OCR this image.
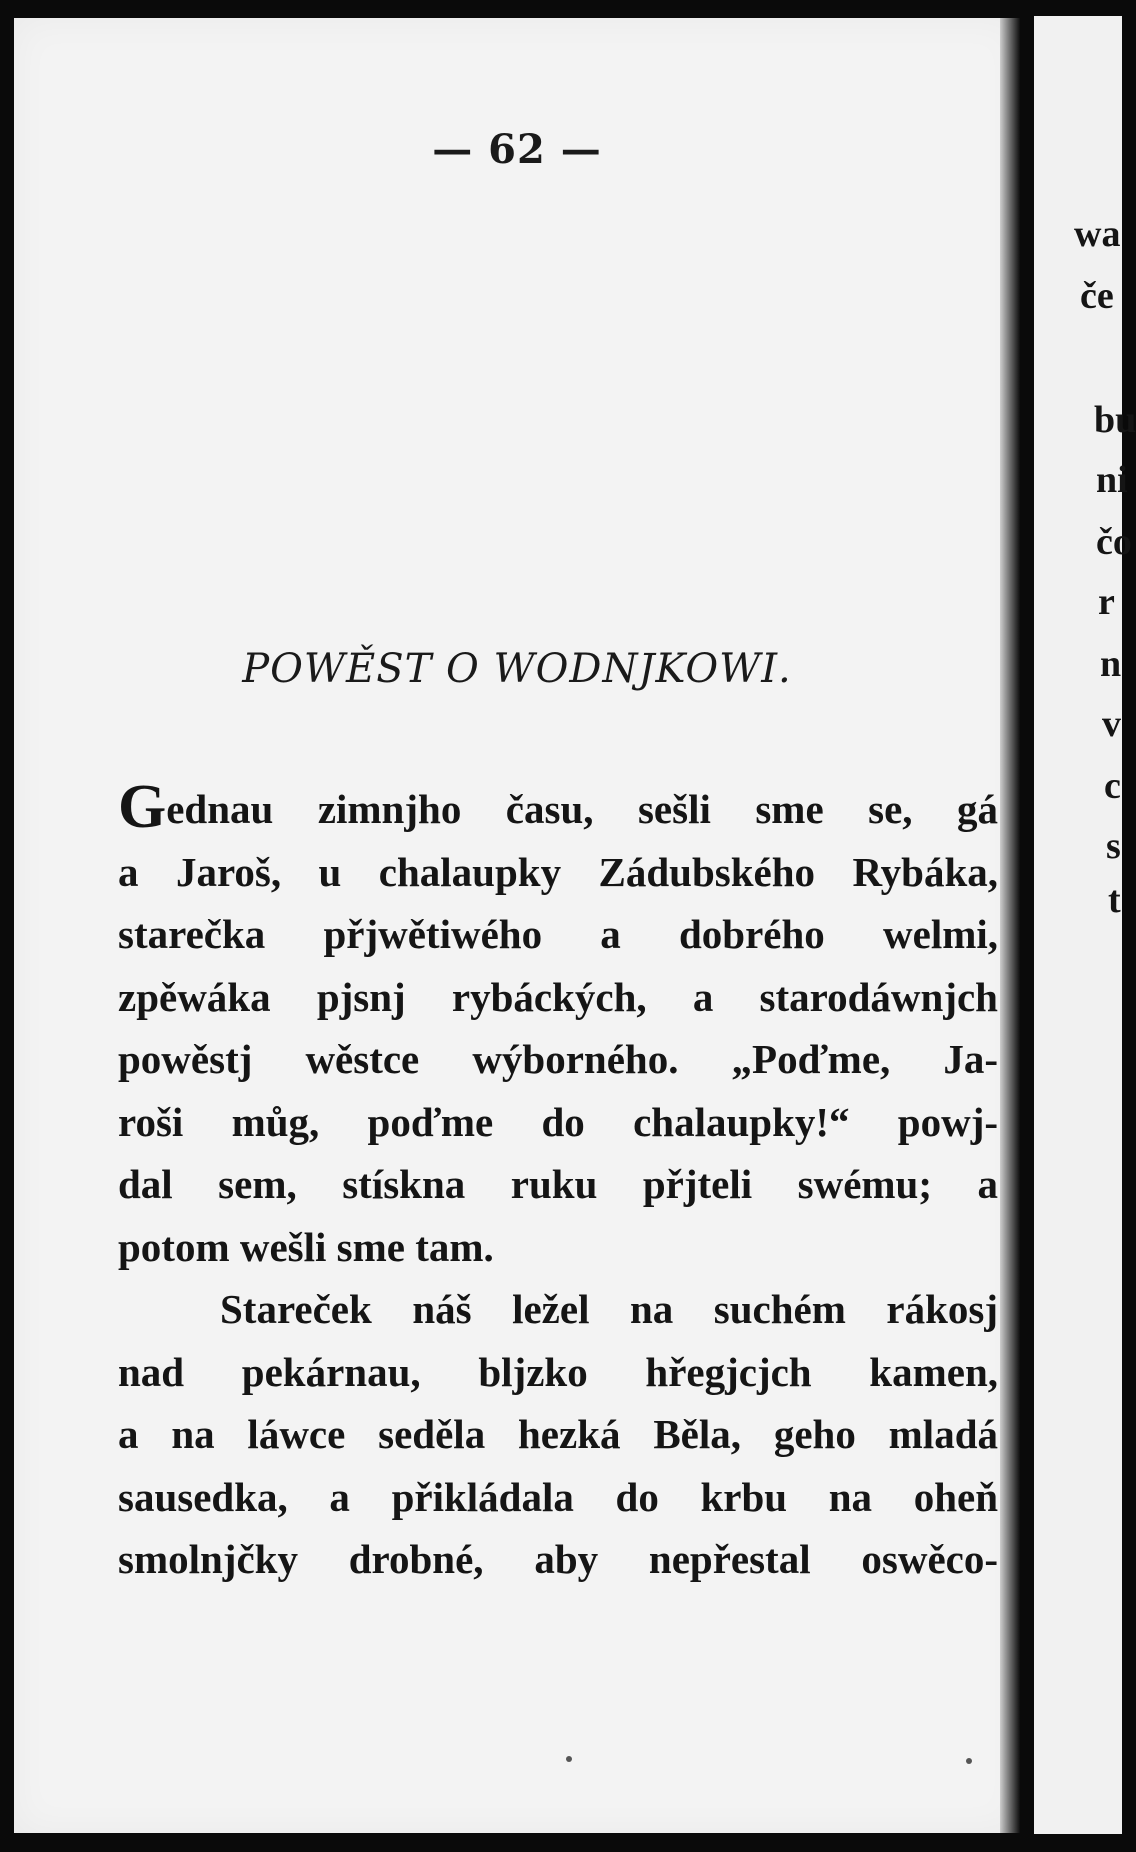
— 62 —
POWĚST O WODNJKOWI.

Gednau zimnjho času, sešli sme se, gá
a Jaroš, u chalaupky Zádubského Rybáka,
starečka přjwětiwého a dobrého welmi,
zpěwáka pjsnj rybáckých, a starodáwnjch
powěstj wěstce wýborného. „Poďme, Ja-
roši můg, poďme do chalaupky!“ powj-
dal sem, stískna ruku přjteli swému; a
potom wešli sme tam.

Stareček náš ležel na suchém rákosj
nad pekárnau, bljzko hřegjcjch kamen,
a na láwce seděla hezká Běla, geho mladá
sausedka, a přikládala do krbu na oheň
smolnjčky drobné, aby nepřestal oswěco-

wa
če
bu
ni
čo
r
n
v
c
s
t
